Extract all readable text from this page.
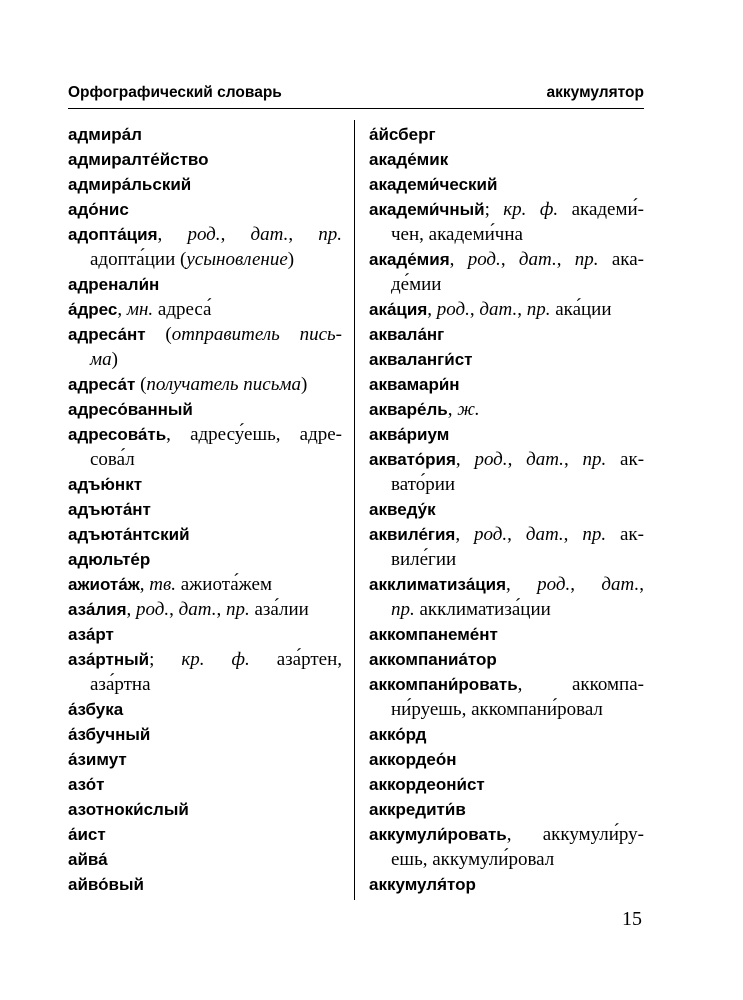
Орфографический словарь	аккумулятор
адмира́л
адмиралте́йство
адмира́льский
адо́нис
адопта́ция, род., дат., пр.
адопта́ции (усыновление)
адренали́н
а́дрес, мн. адреса́
адреса́нт (отправитель пись-
ма)
адреса́т (получатель письма)
адресо́ванный
адресова́ть, адресу́ешь, адре-
сова́л
адъю́нкт
адъюта́нт
адъюта́нтский
адюльте́р
ажиота́ж, тв. ажиота́жем
аза́лия, род., дат., пр. аза́лии
аза́рт
аза́ртный; кр. ф. аза́ртен,
аза́ртна
а́збука
а́збучный
а́зимут
азо́т
азотноки́слый
а́ист
айва́
айво́вый
а́йсберг
акаде́мик
академи́ческий
академи́чный; кр. ф. академи́-
чен, академи́чна
акаде́мия, род., дат., пр. ака-
де́мии
ака́ция, род., дат., пр. ака́ции
аквала́нг
акваланги́ст
аквамари́н
акваре́ль, ж.
аква́риум
аквато́рия, род., дат., пр. ак-
вато́рии
акведу́к
аквиле́гия, род., дат., пр. ак-
виле́гии
акклиматиза́ция, род., дат.,
пр. акклиматиза́ции
аккомпанеме́нт
аккомпаниа́тор
аккомпани́ровать, аккомпа-
ни́руешь, аккомпани́ровал
акко́рд
аккордео́н
аккордеони́ст
аккредити́в
аккумули́ровать, аккумули́ру-
ешь, аккумули́ровал
аккумуля́тор
15
